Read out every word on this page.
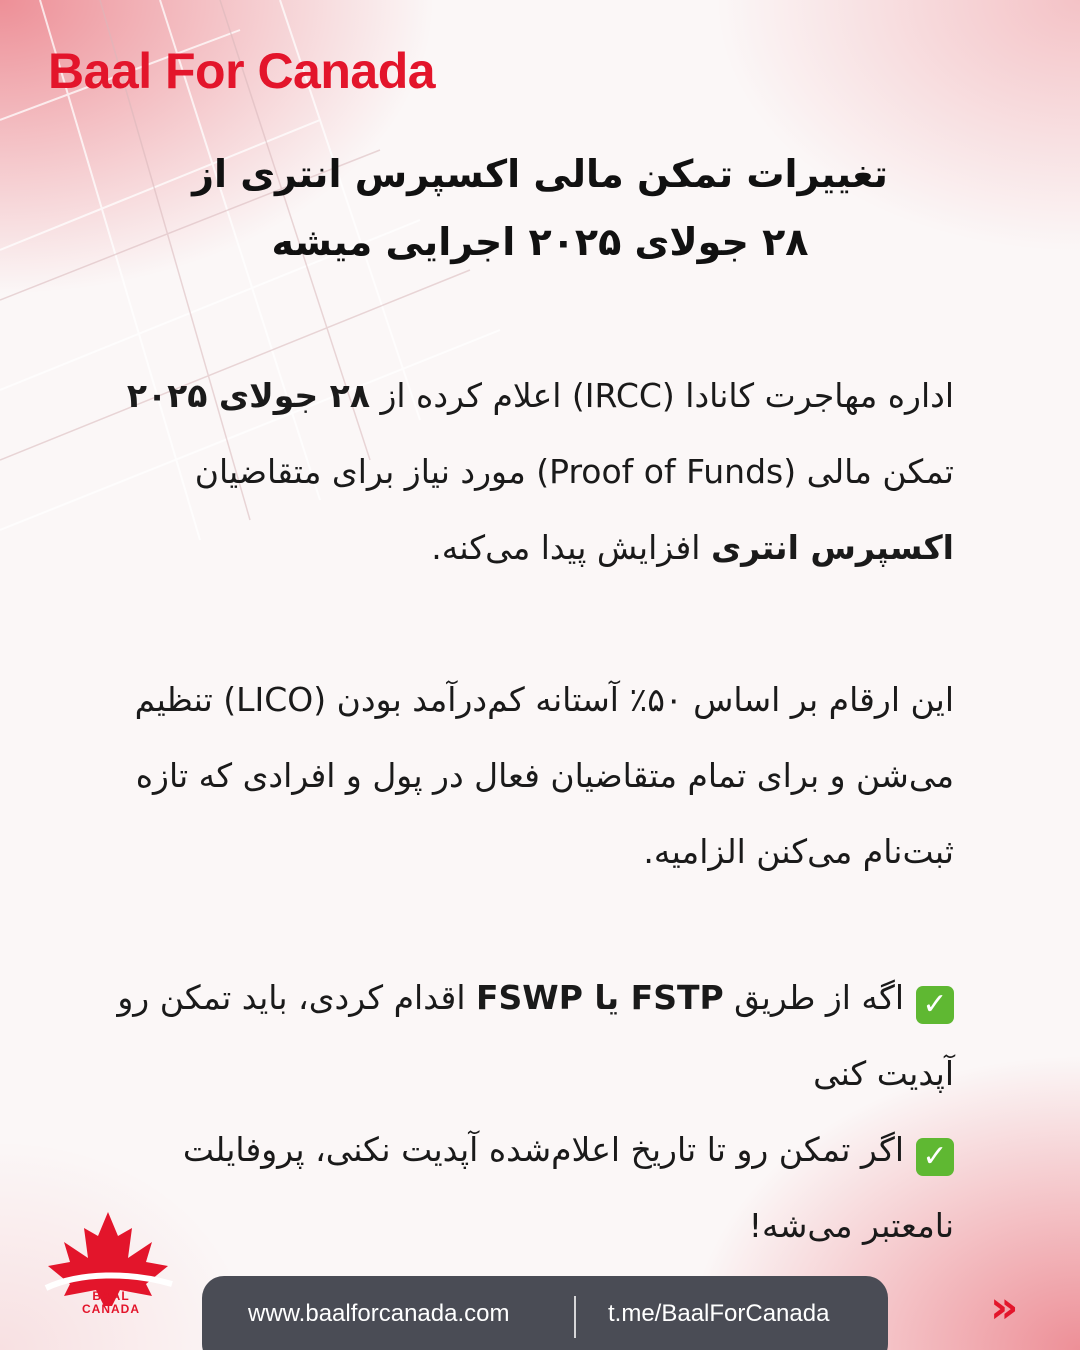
Baal For Canada
تغییرات تمکن مالی اکسپرس انتری از
۲۸ جولای ۲۰۲۵ اجرایی میشه

اداره مهاجرت کانادا (IRCC) اعلام کرده از ۲۸ جولای ۲۰۲۵ تمکن مالی (Proof of Funds) مورد نیاز برای متقاضیان اکسپرس انتری افزایش پیدا می‌کنه.

این ارقام بر اساس ۵۰٪ آستانه کم‌درآمد بودن (LICO) تنظیم می‌شن و برای تمام متقاضیان فعال در پول و افرادی که تازه ثبت‌نام می‌کنن الزامیه.

✓اگه از طریق FSWP یا FSTP اقدام کردی، باید تمکن رو آپدیت کنی
✓اگر تمکن رو تا تاریخ اعلام‌شده آپدیت نکنی، پروفایلت نامعتبر می‌شه!

BAAL
CANADA	www.baalforcanada.com	t.me/BaalForCanada	»
